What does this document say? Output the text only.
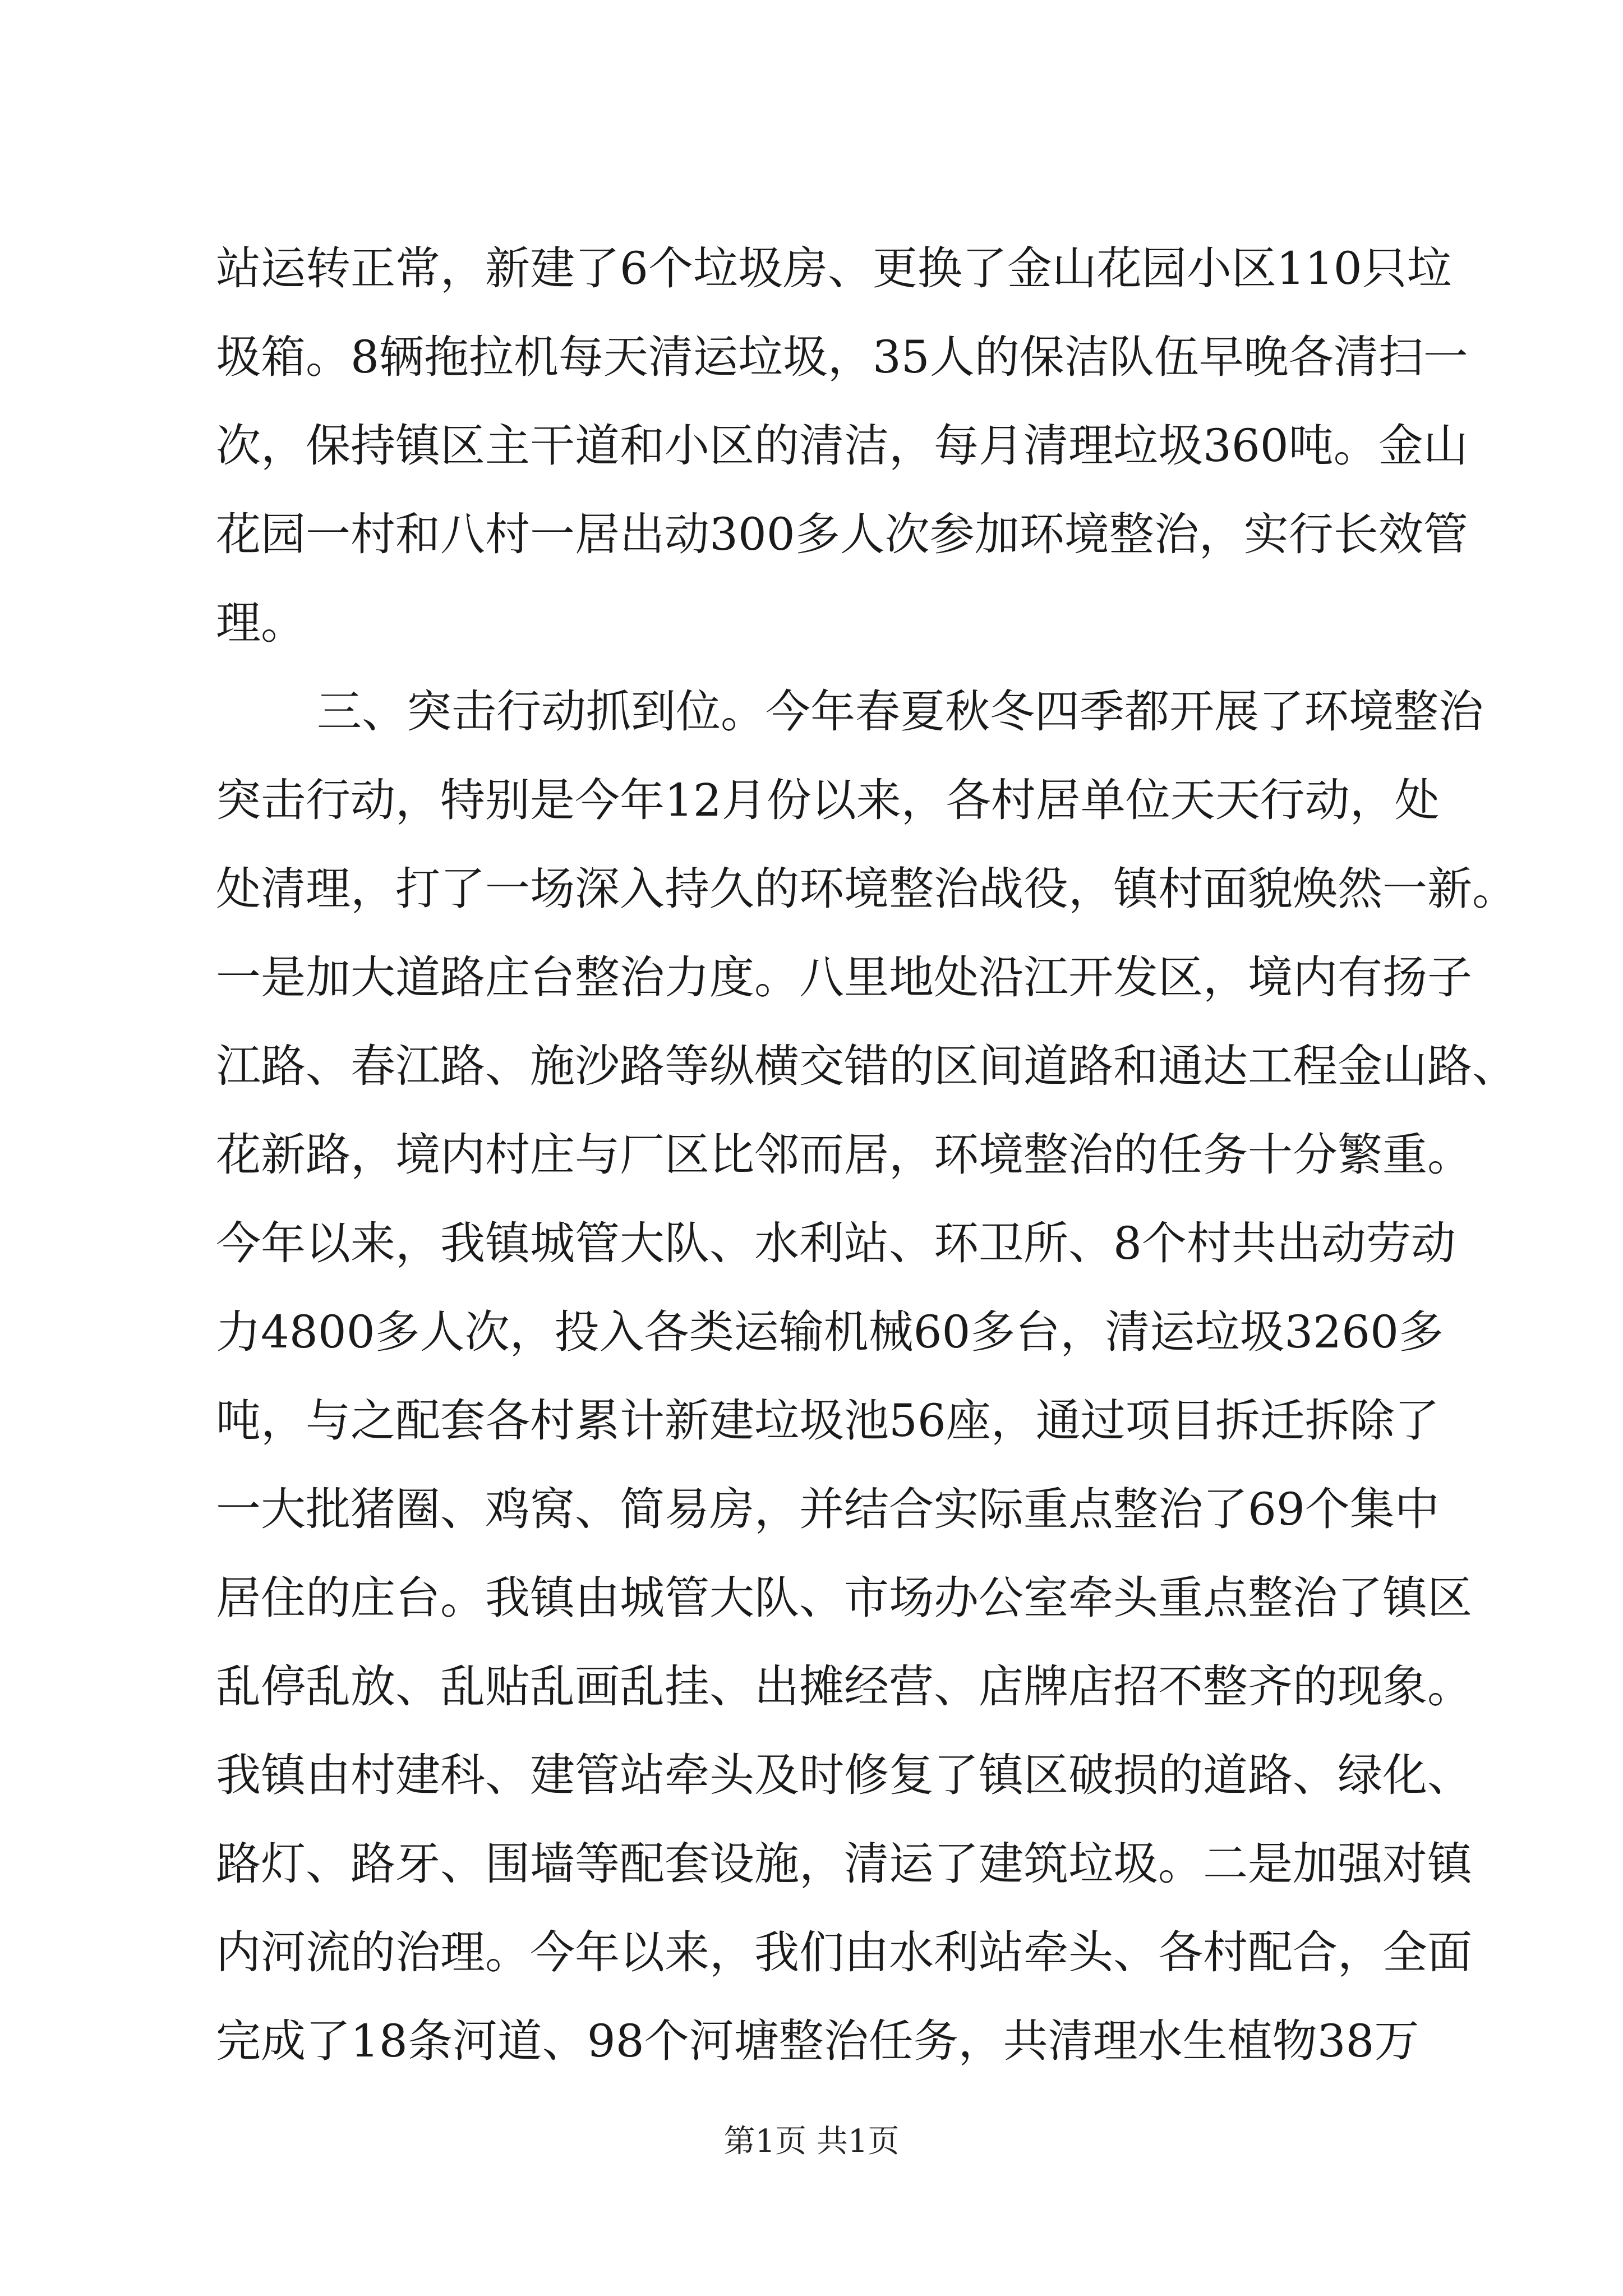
站运转正常，新建了6个垃圾房、更换了金山花园小区110只垃
圾箱。8辆拖拉机每天清运垃圾，35人的保洁队伍早晚各清扫一
次，保持镇区主干道和小区的清洁，每月清理垃圾360吨。金山
花园一村和八村一居出动300多人次参加环境整治，实行长效管
理。
三、突击行动抓到位。今年春夏秋冬四季都开展了环境整治
突击行动，特别是今年12月份以来，各村居单位天天行动，处
处清理，打了一场深入持久的环境整治战役，镇村面貌焕然一新。
一是加大道路庄台整治力度。八里地处沿江开发区，境内有扬子
江路、春江路、施沙路等纵横交错的区间道路和通达工程金山路、
花新路，境内村庄与厂区比邻而居，环境整治的任务十分繁重。
今年以来，我镇城管大队、水利站、环卫所、8个村共出动劳动
力4800多人次，投入各类运输机械60多台，清运垃圾3260多
吨，与之配套各村累计新建垃圾池56座，通过项目拆迁拆除了
一大批猪圈、鸡窝、简易房，并结合实际重点整治了69个集中
居住的庄台。我镇由城管大队、市场办公室牵头重点整治了镇区
乱停乱放、乱贴乱画乱挂、出摊经营、店牌店招不整齐的现象。
我镇由村建科、建管站牵头及时修复了镇区破损的道路、绿化、
路灯、路牙、围墙等配套设施，清运了建筑垃圾。二是加强对镇
内河流的治理。今年以来，我们由水利站牵头、各村配合，全面
完成了18条河道、98个河塘整治任务，共清理水生植物38万
第1页 共1页
